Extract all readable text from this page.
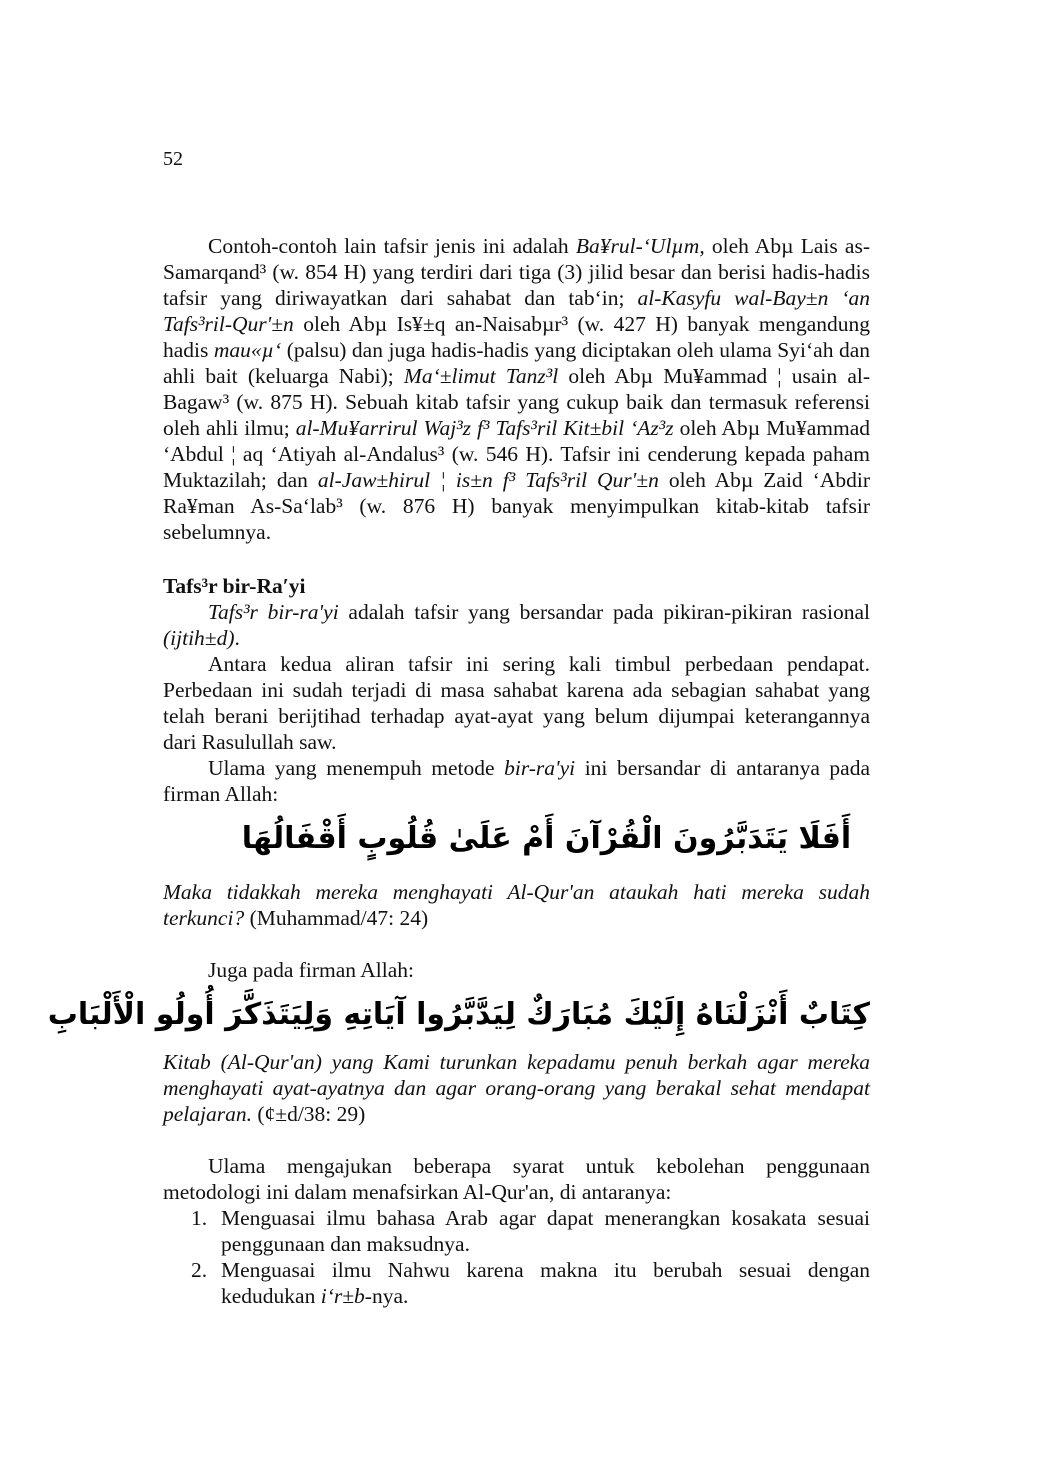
52

Contoh-contoh lain tafsir jenis ini adalah Ba¥rul-‘Ulµm, oleh Abµ Lais as-Samarqand³ (w. 854 H) yang terdiri dari tiga (3) jilid besar dan berisi hadis-hadis tafsir yang diriwayatkan dari sahabat dan tab‘in; al-Kasyfu wal-Bay±n ‘an Tafs³ril-Qur'±n oleh Abµ Is¥±q an-Naisabµr³ (w. 427 H) banyak mengandung hadis mau«µ‘ (palsu) dan juga hadis-hadis yang diciptakan oleh ulama Syi‘ah dan ahli bait (keluarga Nabi); Ma‘±limut Tanz³l oleh Abµ Mu¥ammad ¦ usain al-Bagaw³ (w. 875 H). Sebuah kitab tafsir yang cukup baik dan termasuk referensi oleh ahli ilmu; al-Mu¥arrirul Waj³z f³ Tafs³ril Kit±bil ‘Az³z oleh Abµ Mu¥ammad ‘Abdul ¦ aq ‘Atiyah al-Andalus³ (w. 546 H). Tafsir ini cenderung kepada paham Muktazilah; dan al-Jaw±hirul ¦ is±n f³ Tafs³ril Qur'±n oleh Abµ Zaid ‘Abdir Ra¥man As-Sa‘lab³ (w. 876 H) banyak menyimpulkan kitab-kitab tafsir sebelumnya.

Tafs³r bir-Ra′yi

Tafs³r bir-ra'yi adalah tafsir yang bersandar pada pikiran-pikiran rasional (ijtih±d).

Antara kedua aliran tafsir ini sering kali timbul perbedaan pendapat. Perbedaan ini sudah terjadi di masa sahabat karena ada sebagian sahabat yang telah berani berijtihad terhadap ayat-ayat yang belum dijumpai keterangannya dari Rasulullah saw.

Ulama yang menempuh metode bir-ra'yi ini bersandar di antaranya pada firman Allah:

أَفَلَا يَتَدَبَّرُونَ الْقُرْآنَ أَمْ عَلَىٰ قُلُوبٍ أَقْفَالُهَا

Maka tidakkah mereka menghayati Al-Qur'an ataukah hati mereka sudah terkunci? (Muhammad/47: 24)

Juga pada firman Allah:

كِتَابٌ أَنْزَلْنَاهُ إِلَيْكَ مُبَارَكٌ لِيَدَّبَّرُوا آيَاتِهِ وَلِيَتَذَكَّرَ أُولُو الْأَلْبَابِ

Kitab (Al-Qur'an) yang Kami turunkan kepadamu penuh berkah agar mereka menghayati ayat-ayatnya dan agar orang-orang yang berakal sehat mendapat pelajaran. (¢±d/38: 29)

Ulama mengajukan beberapa syarat untuk kebolehan penggunaan metodologi ini dalam menafsirkan Al-Qur'an, di antaranya:

1. Menguasai ilmu bahasa Arab agar dapat menerangkan kosakata sesuai penggunaan dan maksudnya.
2. Menguasai ilmu Nahwu karena makna itu berubah sesuai dengan kedudukan i‘r±b-nya.
